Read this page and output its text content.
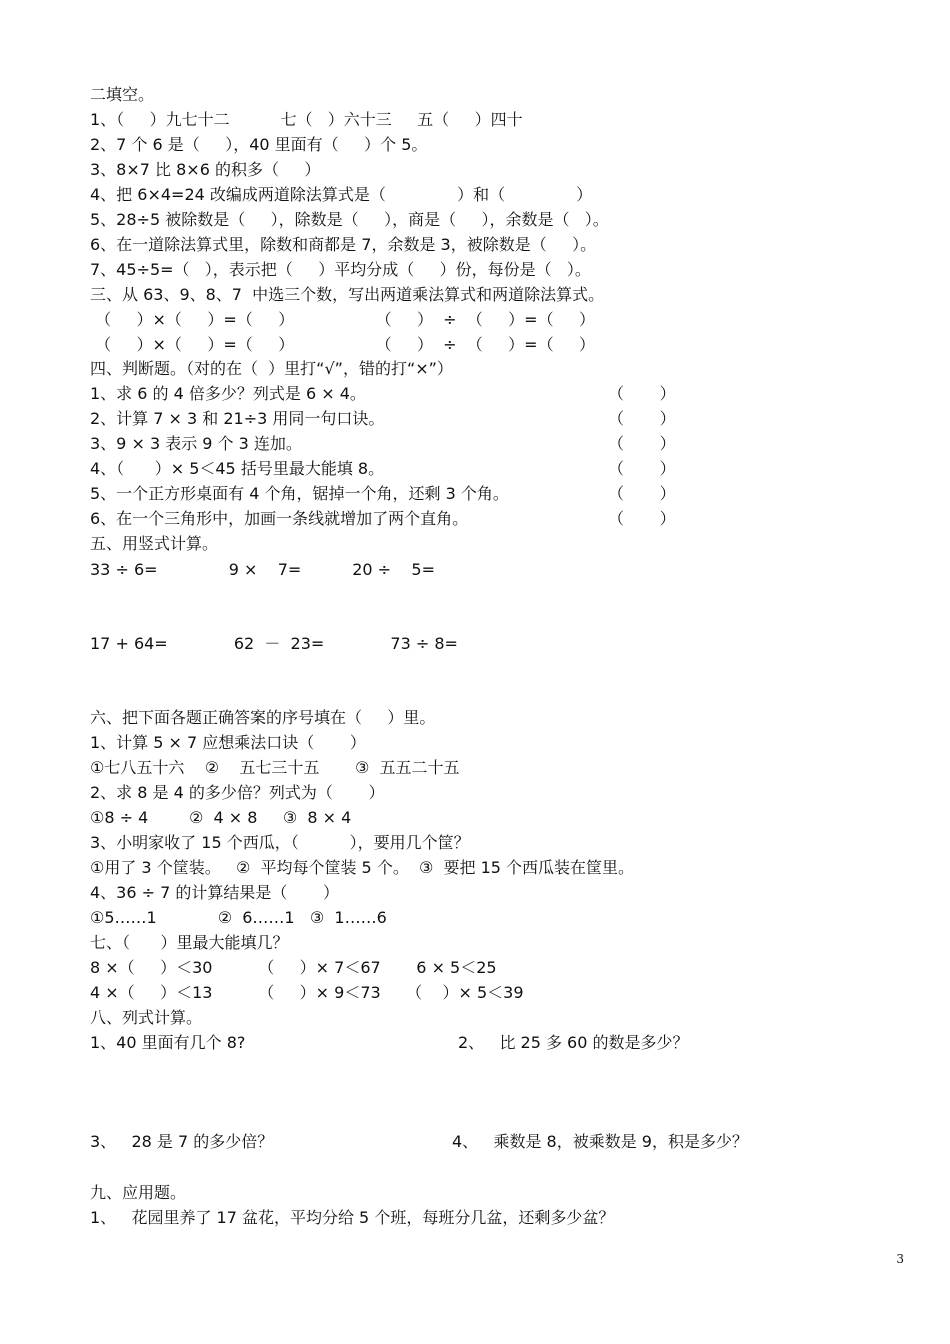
二填空。
1、（     ）九七十二          七（   ）六十三     五（     ）四十
2、7 个 6 是（     ），40 里面有（     ）个 5。
3、8×7 比 8×6 的积多（     ）
4、把 6×4=24 改编成两道除法算式是（              ）和（              ）
5、28÷5 被除数是（     ），除数是（     ），商是（     ），余数是（   ）。
6、在一道除法算式里，除数和商都是 7，余数是 3，被除数是（     ）。
7、45÷5=（   ），表示把（     ）平均分成（     ）份，每份是（   ）。
三、从 63、9、8、7  中选三个数，写出两道乘法算式和两道除法算式。
（     ）×（     ）=（     ）                （     ）  ÷  （     ）=（     ）
（     ）×（     ）=（     ）                （     ）  ÷  （     ）=（     ）
四、判断题。（对的在（  ）里打“√”，错的打“×”）
1、求 6 的 4 倍多少？列式是 6 × 4。	（       ）
2、计算 7 × 3 和 21÷3 用同一句口诀。	（       ）
3、9 × 3 表示 9 个 3 连加。	（       ）
4、（      ）× 5＜45 括号里最大能填 8。	（       ）
5、一个正方形桌面有 4 个角，锯掉一个角，还剩 3 个角。	（       ）
6、在一个三角形中，加画一条线就增加了两个直角。	（       ）
五、用竖式计算。
33 ÷ 6=              9 ×    7=          20 ÷    5=
17 + 64=             62  －  23=             73 ÷ 8=
六、把下面各题正确答案的序号填在（     ）里。
1、计算 5 × 7 应想乘法口诀（       ）
①七八五十六    ②    五七三十五       ③  五五二十五
2、求 8 是 4 的多少倍？列式为（       ）
①8 ÷ 4        ②  4 × 8     ③  8 × 4
3、小明家收了 15 个西瓜，（          ），要用几个筐？
①用了 3 个筐装。   ②  平均每个筐装 5 个。  ③  要把 15 个西瓜装在筐里。
4、36 ÷ 7 的计算结果是（       ）
①5……1            ②  6……1   ③  1……6
七、（      ）里最大能填几？
8 ×（     ）＜30         （     ）× 7＜67       6 × 5＜25
4 ×（     ）＜13         （     ）× 9＜73     （    ）× 5＜39
八、列式计算。
1、40 里面有几个 8?	2、   比 25 多 60 的数是多少？
3、   28 是 7 的多少倍？	4、   乘数是 8，被乘数是 9，积是多少？
九、应用题。
1、   花园里养了 17 盆花，平均分给 5 个班，每班分几盆，还剩多少盆？
3
